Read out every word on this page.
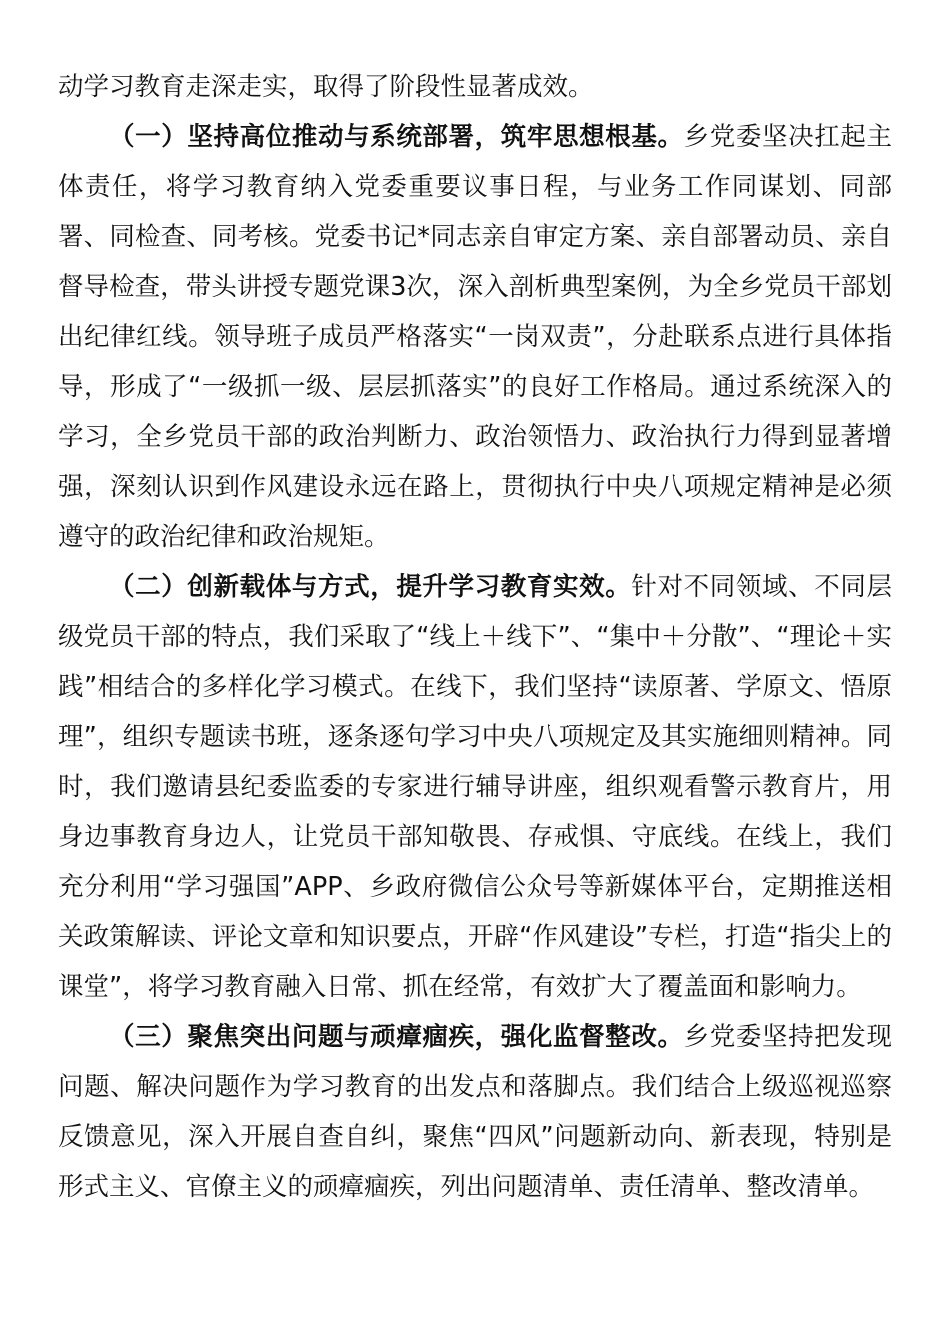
动学习教育走深走实，取得了阶段性显著成效。

（一）坚持高位推动与系统部署，筑牢思想根基。乡党委坚决扛起主体责任，将学习教育纳入党委重要议事日程，与业务工作同谋划、同部署、同检查、同考核。党委书记*同志亲自审定方案、亲自部署动员、亲自督导检查，带头讲授专题党课3次，深入剖析典型案例，为全乡党员干部划出纪律红线。领导班子成员严格落实“一岗双责”，分赴联系点进行具体指导，形成了“一级抓一级、层层抓落实”的良好工作格局。通过系统深入的学习，全乡党员干部的政治判断力、政治领悟力、政治执行力得到显著增强，深刻认识到作风建设永远在路上，贯彻执行中央八项规定精神是必须遵守的政治纪律和政治规矩。

（二）创新载体与方式，提升学习教育实效。针对不同领域、不同层级党员干部的特点，我们采取了“线上＋线下”、“集中＋分散”、“理论＋实践”相结合的多样化学习模式。在线下，我们坚持“读原著、学原文、悟原理”，组织专题读书班，逐条逐句学习中央八项规定及其实施细则精神。同时，我们邀请县纪委监委的专家进行辅导讲座，组织观看警示教育片，用身边事教育身边人，让党员干部知敬畏、存戒惧、守底线。在线上，我们充分利用“学习强国”APP、乡政府微信公众号等新媒体平台，定期推送相关政策解读、评论文章和知识要点，开辟“作风建设”专栏，打造“指尖上的课堂”，将学习教育融入日常、抓在经常，有效扩大了覆盖面和影响力。

（三）聚焦突出问题与顽瘴痼疾，强化监督整改。乡党委坚持把发现问题、解决问题作为学习教育的出发点和落脚点。我们结合上级巡视巡察反馈意见，深入开展自查自纠，聚焦“四风”问题新动向、新表现，特别是形式主义、官僚主义的顽瘴痼疾，列出问题清单、责任清单、整改清单。
